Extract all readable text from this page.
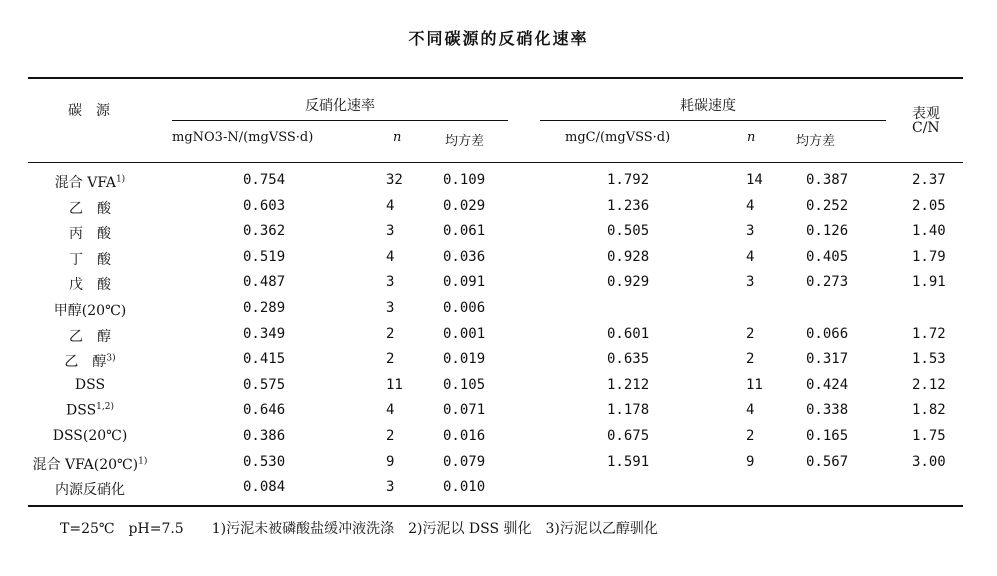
不同碳源的反硝化速率
碳　源	反硝化速率	耗碳速度	表观
C/N
mgNO3-N/(mgVSS·d)	n	均方差	mgC/(mgVSS·d)	n	均方差
混合 VFA$^{1)}$	0.754	32	0.109	1.792	14	0.387	2.37
乙　酸	0.603	4	0.029	1.236	4	0.252	2.05
丙　酸	0.362	3	0.061	0.505	3	0.126	1.40
丁　酸	0.519	4	0.036	0.928	4	0.405	1.79
戊　酸	0.487	3	0.091	0.929	3	0.273	1.91
甲醇(20℃)	0.289	3	0.006
乙　醇	0.349	2	0.001	0.601	2	0.066	1.72
乙　醇$^{3)}$	0.415	2	0.019	0.635	2	0.317	1.53
DSS	0.575	11	0.105	1.212	11	0.424	2.12
DSS$^{1,2)}$	0.646	4	0.071	1.178	4	0.338	1.82
DSS(20℃)	0.386	2	0.016	0.675	2	0.165	1.75
混合 VFA(20℃)$^{1)}$	0.530	9	0.079	1.591	9	0.567	3.00
内源反硝化	0.084	3	0.010
T=25℃　pH=7.5　　1)污泥未被磷酸盐缓冲液洗涤　2)污泥以 DSS 驯化　3)污泥以乙醇驯化
